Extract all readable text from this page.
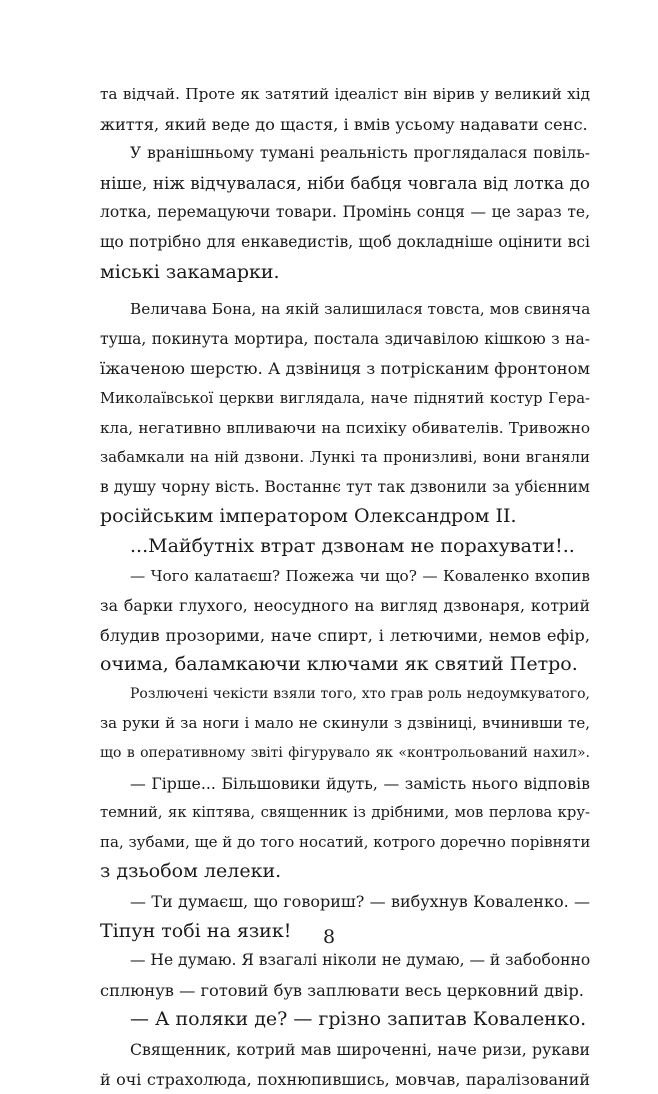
та відчай. Проте як затятий ідеаліст він вірив у великий хід
життя, який веде до щастя, і вмів усьому надавати сенс.

У вранішньому тумані реальність проглядалася повіль-
ніше, ніж відчувалася, ніби бабця човгала від лотка до
лотка, перемацуючи товари. Промінь сонця — це зараз те,
що потрібно для енкаведистів, щоб докладніше оцінити всі
міські закамарки.

Величава Бона, на якій залишилася товста, мов свиняча
туша, покинута мортира, постала здичавілою кішкою з на-
їжаченою шерстю. А дзвіниця з потрісканим фронтоном
Миколаївської церкви виглядала, наче піднятий костур Гера-
кла, негативно впливаючи на психіку обивателів. Тривожно
забамкали на ній дзвони. Лункі та пронизливі, вони вганяли
в душу чорну вість. Востаннє тут так дзвонили за убієнним
російським імператором Олександром II.

...Майбутніх втрат дзвонам не порахувати!..

— Чого калатаєш? Пожежа чи що? — Коваленко вхопив
за барки глухого, неосудного на вигляд дзвонаря, котрий
блудив прозорими, наче спирт, і летючими, немов ефір,
очима, баламкаючи ключами як святий Петро.

Розлючені чекісти взяли того, хто грав роль недоумкуватого,
за руки й за ноги і мало не скинули з дзвіниці, вчинивши те,
що в оперативному звіті фігурувало як «контрольований нахил».

— Гірше... Більшовики йдуть, — замість нього відповів
темний, як кіптява, священник із дрібними, мов перлова кру-
па, зубами, ще й до того носатий, котрого доречно порівняти
з дзьобом лелеки.

— Ти думаєш, що говориш? — вибухнув Коваленко. —
Тіпун тобі на язик!

— Не думаю. Я взагалі ніколи не думаю, — й забобонно
сплюнув — готовий був заплювати весь церковний двір.

— А поляки де? — грізно запитав Коваленко.

Священник, котрий мав широченні, наче ризи, рукави
й очі страхолюда, похнюпившись, мовчав, паралізований

8
